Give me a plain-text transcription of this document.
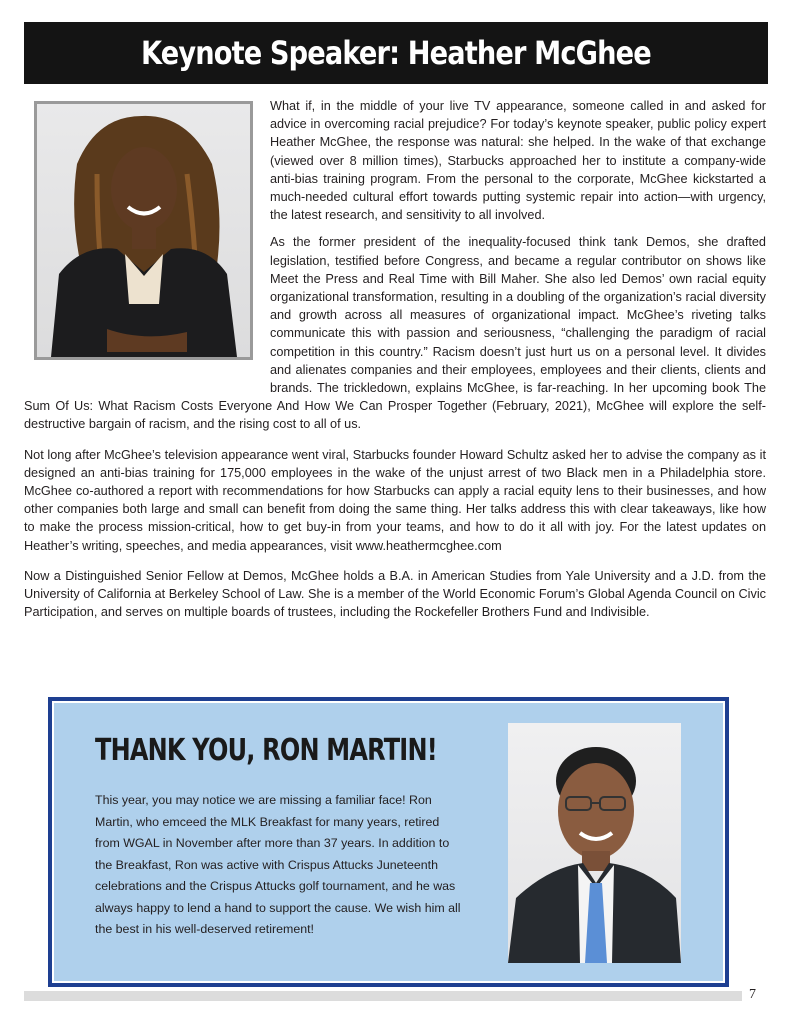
Keynote Speaker: Heather McGhee

What if, in the middle of your live TV appearance, someone called in and asked for advice in overcoming racial prejudice? For today’s keynote speaker, public policy expert Heather McGhee, the response was natural: she helped. In the wake of that exchange (viewed over 8 million times), Starbucks approached her to institute a company-wide anti-bias training program. From the personal to the corporate, McGhee kickstarted a much-needed cultural effort towards putting systemic repair into action—with urgency, the latest research, and sensitivity to all involved.

As the former president of the inequality-focused think tank Demos, she drafted legislation, testified before Congress, and became a regular contributor on shows like Meet the Press and Real Time with Bill Maher. She also led Demos’ own racial equity organizational transformation, resulting in a doubling of the organization’s racial diversity and growth across all measures of organizational impact. McGhee’s riveting talks communicate this with passion and seriousness, “challenging the paradigm of racial competition in this country.” Racism doesn’t just hurt us on a personal level. It divides and alienates companies and their employees, employees and their clients, clients and brands. The trickledown, explains McGhee, is far-reaching. In her upcoming book The Sum Of Us: What Racism Costs Everyone And How We Can Prosper Together (February, 2021), McGhee will explore the self-destructive bargain of racism, and the rising cost to all of us.

Not long after McGhee’s television appearance went viral, Starbucks founder Howard Schultz asked her to advise the company as it designed an anti-bias training for 175,000 employees in the wake of the unjust arrest of two Black men in a Philadelphia store. McGhee co-authored a report with recommendations for how Starbucks can apply a racial equity lens to their businesses, and how other companies both large and small can benefit from doing the same thing. Her talks address this with clear takeaways, like how to make the process mission-critical, how to get buy-in from your teams, and how to do it all with joy. For the latest updates on Heather’s writing, speeches, and media appearances, visit www.heathermcghee.com

Now a Distinguished Senior Fellow at Demos, McGhee holds a B.A. in American Studies from Yale University and a J.D. from the University of California at Berkeley School of Law. She is a member of the World Economic Forum’s Global Agenda Council on Civic Participation, and serves on multiple boards of trustees, including the Rockefeller Brothers Fund and Indivisible.

THANK YOU, RON MARTIN!

This year, you may notice we are missing a familiar face! Ron Martin, who emceed the MLK Breakfast for many years, retired from WGAL in November after more than 37 years. In addition to the Breakfast, Ron was active with Crispus Attucks Juneteenth celebrations and the Crispus Attucks golf tournament, and he was always happy to lend a hand to support the cause. We wish him all the best in his well-deserved retirement!

7
